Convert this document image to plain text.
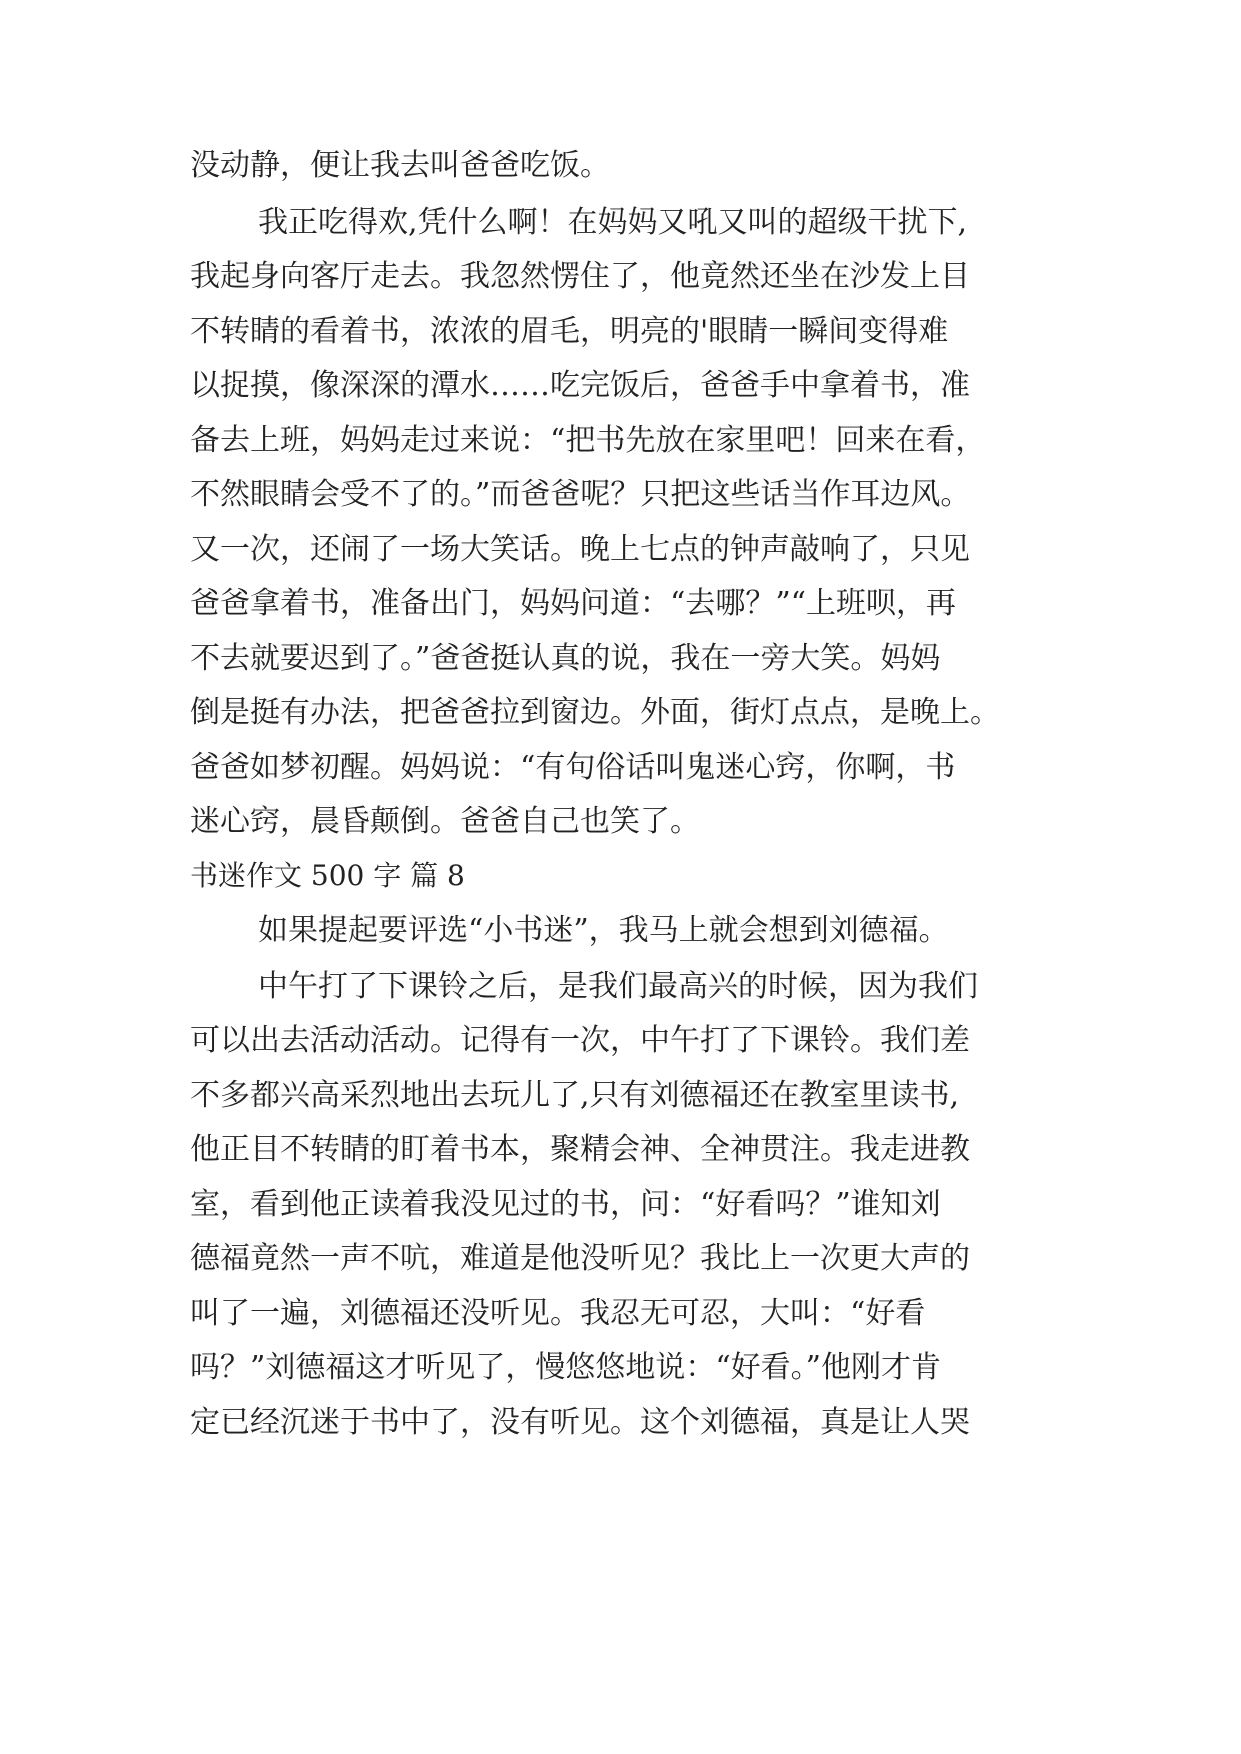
没动静，便让我去叫爸爸吃饭。
我正吃得欢,凭什么啊！在妈妈又吼又叫的超级干扰下,
我起身向客厅走去。我忽然愣住了，他竟然还坐在沙发上目
不转睛的看着书，浓浓的眉毛，明亮的'眼睛一瞬间变得难
以捉摸，像深深的潭水……吃完饭后，爸爸手中拿着书，准
备去上班，妈妈走过来说：“把书先放在家里吧！回来在看，
不然眼睛会受不了的。”而爸爸呢？只把这些话当作耳边风。
又一次，还闹了一场大笑话。晚上七点的钟声敲响了，只见
爸爸拿着书，准备出门，妈妈问道：“去哪？”“上班呗，再
不去就要迟到了。”爸爸挺认真的说，我在一旁大笑。妈妈
倒是挺有办法，把爸爸拉到窗边。外面，街灯点点，是晚上。
爸爸如梦初醒。妈妈说：“有句俗话叫鬼迷心窍，你啊，书
迷心窍，晨昏颠倒。爸爸自己也笑了。
书迷作文 500 字 篇 8
如果提起要评选“小书迷”，我马上就会想到刘德福。
中午打了下课铃之后，是我们最高兴的时候，因为我们
可以出去活动活动。记得有一次，中午打了下课铃。我们差
不多都兴高采烈地出去玩儿了,只有刘德福还在教室里读书,
他正目不转睛的盯着书本，聚精会神、全神贯注。我走进教
室，看到他正读着我没见过的书，问：“好看吗？”谁知刘
德福竟然一声不吭，难道是他没听见？我比上一次更大声的
叫了一遍，刘德福还没听见。我忍无可忍，大叫：“好看
吗？”刘德福这才听见了，慢悠悠地说：“好看。”他刚才肯
定已经沉迷于书中了，没有听见。这个刘德福，真是让人哭
